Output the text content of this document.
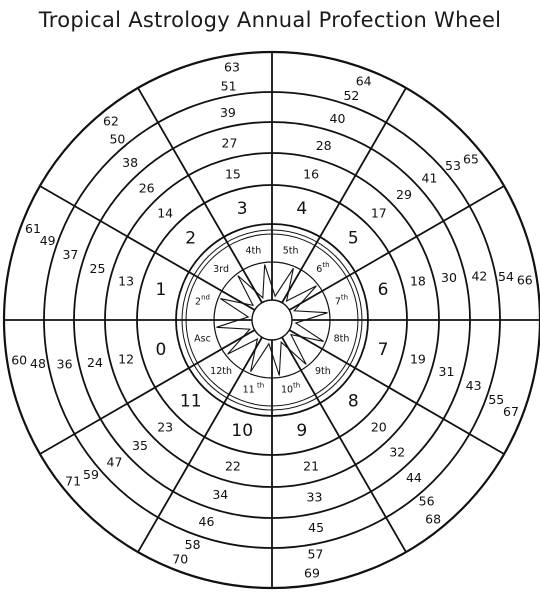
Tropical Astrology Annual Profection Wheel
0
1
2
3	4
5
6
7
8
9
10
11
Asc
2nd
3rd
4th 5th
6th
7th
8th
9th
10th
11 $^{th}$
12th
12
13
14
15	16
17
18
19
20
21
22
23
24
25
26
27	28
29
30
31
32
33
34
35
36
37
38
39	40
41
42
43
44
45
46
47
48
49
50
51
52
53
54
55
56
57
58
59
60
61
62
63
64
65
66
67
68
69
70
71
